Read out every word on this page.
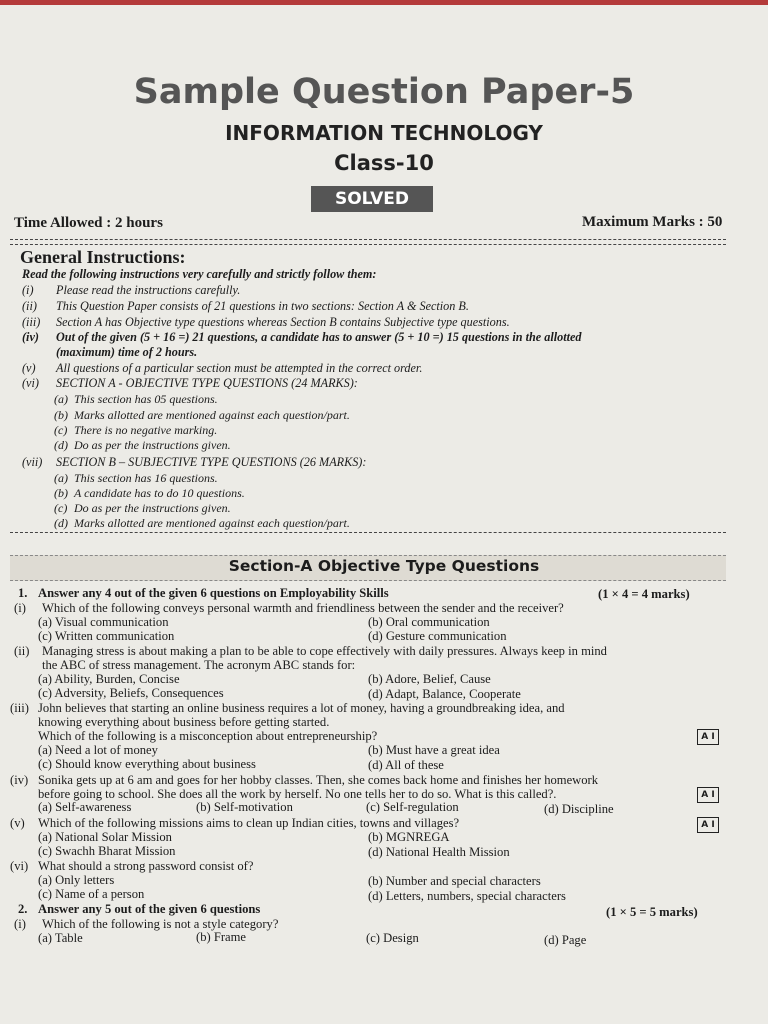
Sample Question Paper-5
INFORMATION TECHNOLOGY
Class-10
SOLVED
Time Allowed : 2 hours	Maximum Marks : 50
General Instructions:
Read the following instructions very carefully and strictly follow them:
(i) Please read the instructions carefully.
(ii) This Question Paper consists of 21 questions in two sections: Section A & Section B.
(iii) Section A has Objective type questions whereas Section B contains Subjective type questions.
(iv) Out of the given (5 + 16 =) 21 questions, a candidate has to answer (5 + 10 =) 15 questions in the allotted
(maximum) time of 2 hours.
(v) All questions of a particular section must be attempted in the correct order.
(vi) SECTION A - OBJECTIVE TYPE QUESTIONS (24 MARKS):
(a) This section has 05 questions.
(b) Marks allotted are mentioned against each question/part.
(c) There is no negative marking.
(d) Do as per the instructions given.
(vii) SECTION B – SUBJECTIVE TYPE QUESTIONS (26 MARKS):
(a) This section has 16 questions.
(b) A candidate has to do 10 questions.
(c) Do as per the instructions given.
(d) Marks allotted are mentioned against each question/part.
Section-A Objective Type Questions
1. Answer any 4 out of the given 6 questions on Employability Skills	(1 × 4 = 4 marks)
(i) Which of the following conveys personal warmth and friendliness between the sender and the receiver?
(a) Visual communication	(b) Oral communication
(c) Written communication	(d) Gesture communication
(ii) Managing stress is about making a plan to be able to cope effectively with daily pressures. Always keep in mind
the ABC of stress management. The acronym ABC stands for:
(a) Ability, Burden, Concise	(b) Adore, Belief, Cause
(c) Adversity, Beliefs, Consequences	(d) Adapt, Balance, Cooperate
(iii) John believes that starting an online business requires a lot of money, having a groundbreaking idea, and
knowing everything about business before getting started.
Which of the following is a misconception about entrepreneurship?	A I
(a) Need a lot of money	(b) Must have a great idea
(c) Should know everything about business	(d) All of these
(iv) Sonika gets up at 6 am and goes for her hobby classes. Then, she comes back home and finishes her homework
before going to school. She does all the work by herself. No one tells her to do so. What is this called?.	A I
(a) Self-awareness	(b) Self-motivation	(c) Self-regulation	(d) Discipline
(v) Which of the following missions aims to clean up Indian cities, towns and villages?	A I
(a) National Solar Mission	(b) MGNREGA
(c) Swachh Bharat Mission	(d) National Health Mission
(vi) What should a strong password consist of?
(a) Only letters	(b) Number and special characters
(c) Name of a person	(d) Letters, numbers, special characters
2. Answer any 5 out of the given 6 questions	(1 × 5 = 5 marks)
(i) Which of the following is not a style category?
(a) Table	(b) Frame	(c) Design	(d) Page
